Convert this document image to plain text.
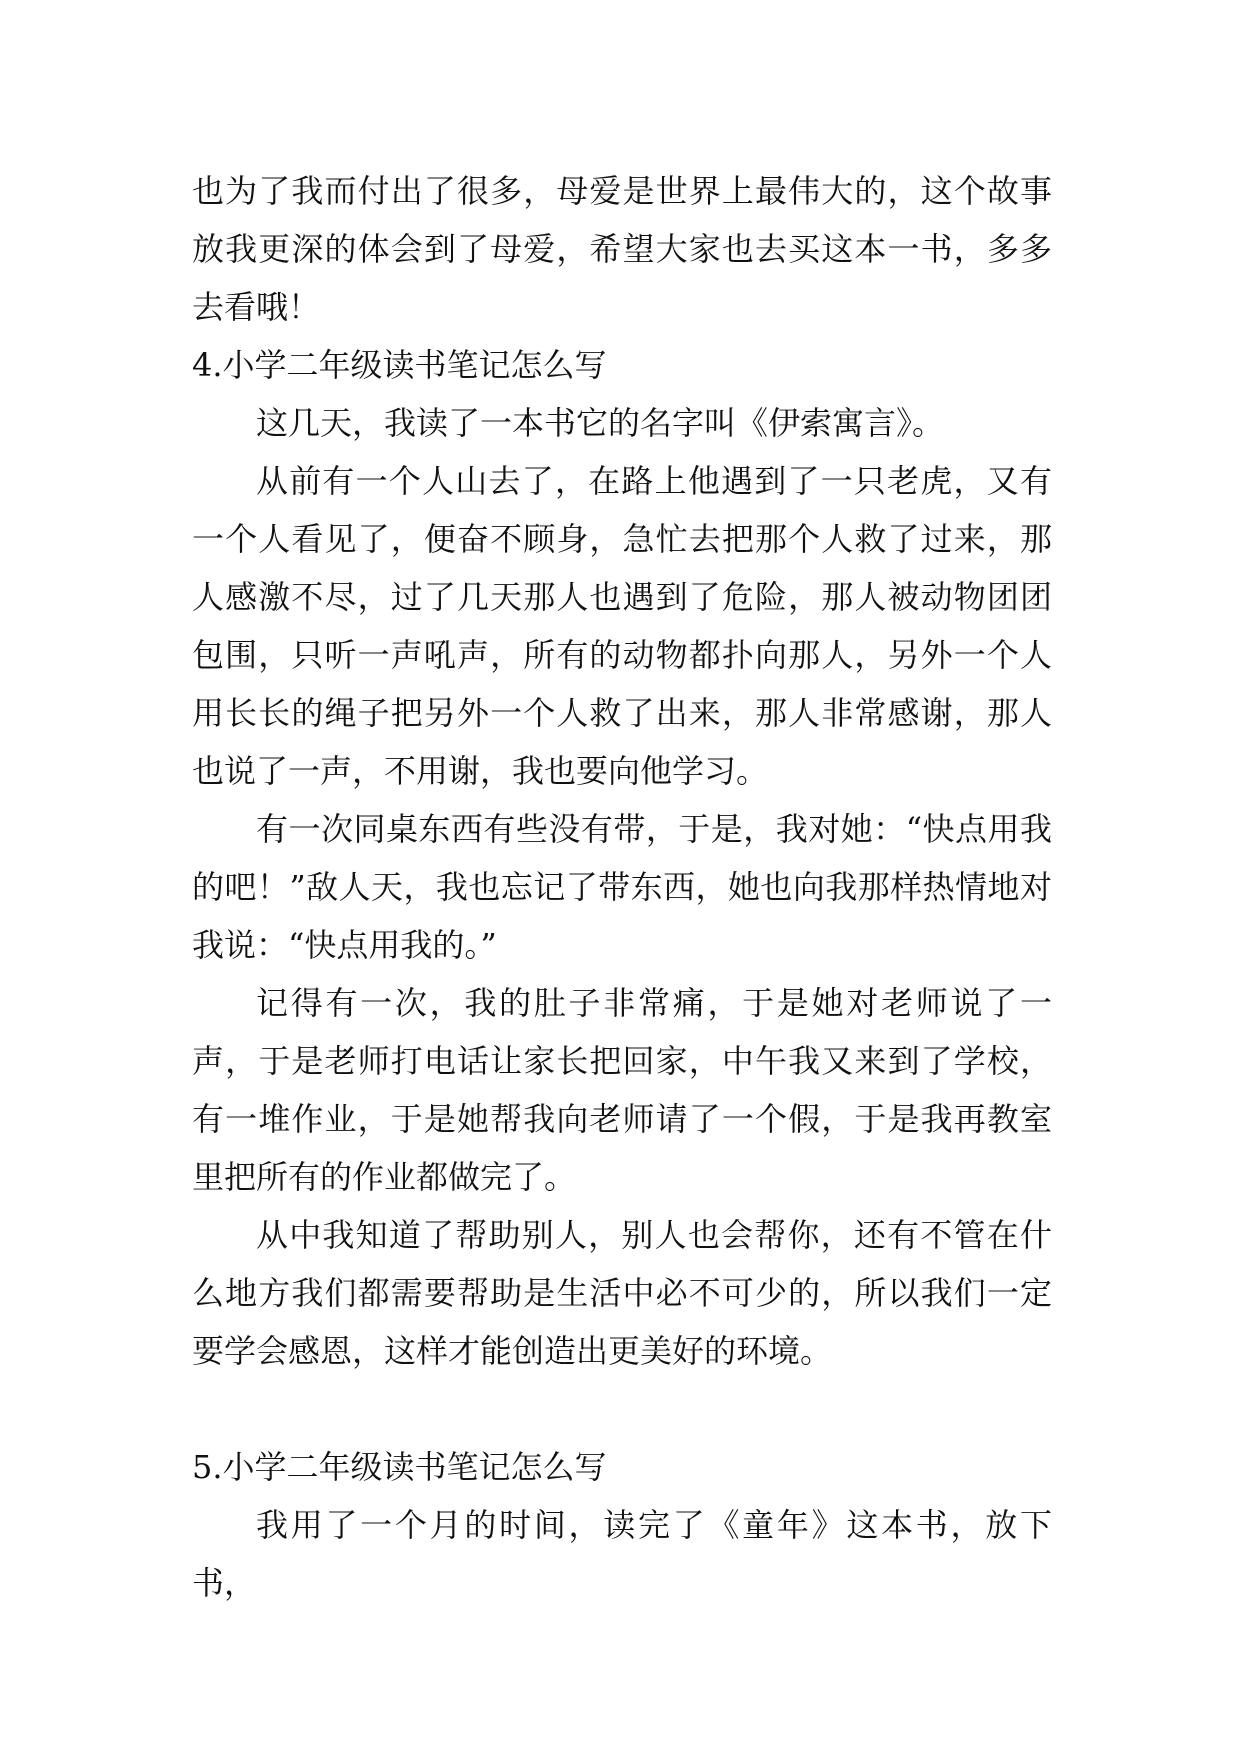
也为了我而付出了很多，母爱是世界上最伟大的，这个故事放我更深的体会到了母爱，希望大家也去买这本一书，多多去看哦！

4.小学二年级读书笔记怎么写

这几天，我读了一本书它的名字叫《伊索寓言》。

从前有一个人山去了，在路上他遇到了一只老虎，又有一个人看见了，便奋不顾身，急忙去把那个人救了过来，那人感激不尽，过了几天那人也遇到了危险，那人被动物团团包围，只听一声吼声，所有的动物都扑向那人，另外一个人用长长的绳子把另外一个人救了出来，那人非常感谢，那人也说了一声，不用谢，我也要向他学习。

有一次同桌东西有些没有带，于是，我对她：“快点用我的吧！”敌人天，我也忘记了带东西，她也向我那样热情地对我说：“快点用我的。”

记得有一次，我的肚子非常痛，于是她对老师说了一声，于是老师打电话让家长把回家，中午我又来到了学校，有一堆作业，于是她帮我向老师请了一个假，于是我再教室里把所有的作业都做完了。

从中我知道了帮助别人，别人也会帮你，还有不管在什么地方我们都需要帮助是生活中必不可少的，所以我们一定要学会感恩，这样才能创造出更美好的环境。

5.小学二年级读书笔记怎么写

我用了一个月的时间，读完了《童年》这本书，放下书，
